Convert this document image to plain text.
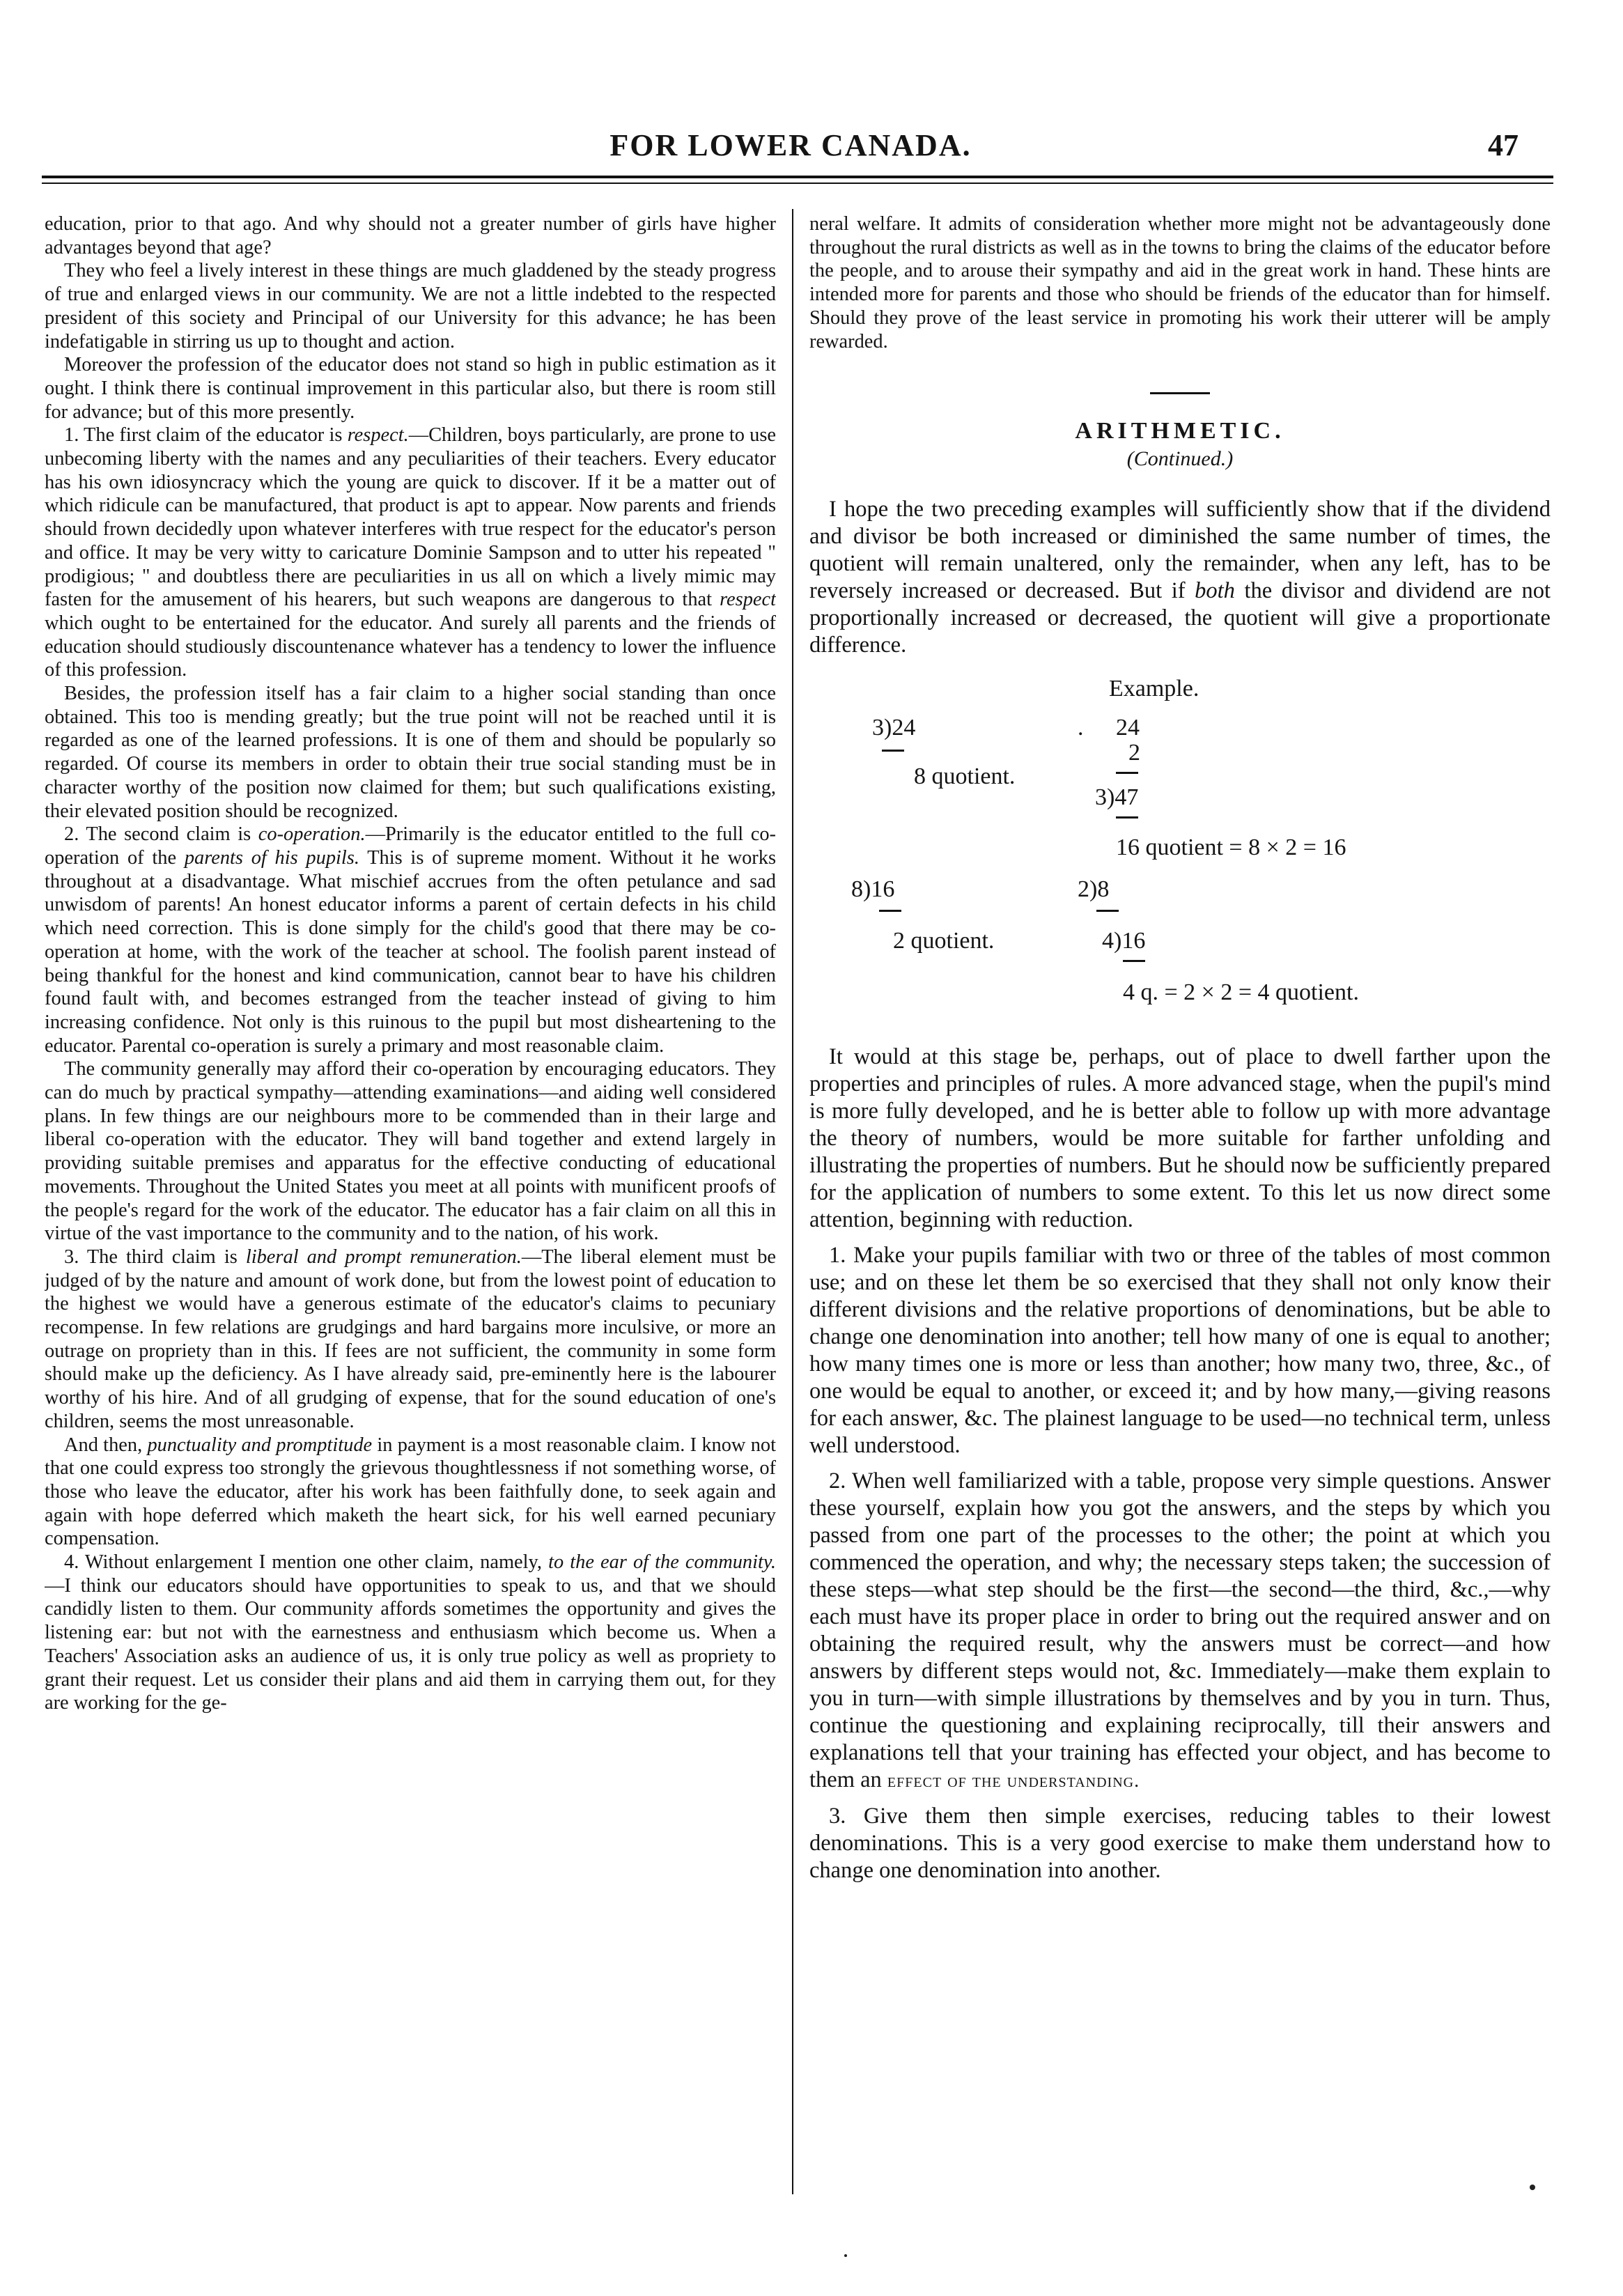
FOR LOWER CANADA.	47

education, prior to that ago. And why should not a greater number of girls have higher advantages beyond that age?

They who feel a lively interest in these things are much gladdened by the steady progress of true and enlarged views in our community. We are not a little indebted to the respected president of this society and Principal of our University for this advance; he has been indefatigable in stirring us up to thought and action.

Moreover the profession of the educator does not stand so high in public estimation as it ought. I think there is continual improvement in this particular also, but there is room still for advance; but of this more presently.

1. The first claim of the educator is respect.—Children, boys particularly, are prone to use unbecoming liberty with the names and any peculiarities of their teachers. Every educator has his own idiosyncracy which the young are quick to discover. If it be a matter out of which ridicule can be manufactured, that product is apt to appear. Now parents and friends should frown decidedly upon whatever interferes with true respect for the educator's person and office. It may be very witty to caricature Dominie Sampson and to utter his repeated " prodigious; " and doubtless there are peculiarities in us all on which a lively mimic may fasten for the amusement of his hearers, but such weapons are dangerous to that respect which ought to be entertained for the educator. And surely all parents and the friends of education should studiously discountenance whatever has a tendency to lower the influence of this profession.

Besides, the profession itself has a fair claim to a higher social standing than once obtained. This too is mending greatly; but the true point will not be reached until it is regarded as one of the learned professions. It is one of them and should be popularly so regarded. Of course its members in order to obtain their true social standing must be in character worthy of the position now claimed for them; but such qualifications existing, their elevated position should be recognized.

2. The second claim is co-operation.—Primarily is the educator entitled to the full co-operation of the parents of his pupils. This is of supreme moment. Without it he works throughout at a disadvantage. What mischief accrues from the often petulance and sad unwisdom of parents! An honest educator informs a parent of certain defects in his child which need correction. This is done simply for the child's good that there may be co-operation at home, with the work of the teacher at school. The foolish parent instead of being thankful for the honest and kind communication, cannot bear to have his children found fault with, and becomes estranged from the teacher instead of giving to him increasing confidence. Not only is this ruinous to the pupil but most disheartening to the educator. Parental co-operation is surely a primary and most reasonable claim.

The community generally may afford their co-operation by encouraging educators. They can do much by practical sympathy—attending examinations—and aiding well considered plans. In few things are our neighbours more to be commended than in their large and liberal co-operation with the educator. They will band together and extend largely in providing suitable premises and apparatus for the effective conducting of educational movements. Throughout the United States you meet at all points with munificent proofs of the people's regard for the work of the educator. The educator has a fair claim on all this in virtue of the vast importance to the community and to the nation, of his work.

3. The third claim is liberal and prompt remuneration.—The liberal element must be judged of by the nature and amount of work done, but from the lowest point of education to the highest we would have a generous estimate of the educator's claims to pecuniary recompense. In few relations are grudgings and hard bargains more inculsive, or more an outrage on propriety than in this. If fees are not sufficient, the community in some form should make up the deficiency. As I have already said, pre-eminently here is the labourer worthy of his hire. And of all grudging of expense, that for the sound education of one's children, seems the most unreasonable.

And then, punctuality and promptitude in payment is a most reasonable claim. I know not that one could express too strongly the grievous thoughtlessness if not something worse, of those who leave the educator, after his work has been faithfully done, to seek again and again with hope deferred which maketh the heart sick, for his well earned pecuniary compensation.

4. Without enlargement I mention one other claim, namely, to the ear of the community.—I think our educators should have opportunities to speak to us, and that we should candidly listen to them. Our community affords sometimes the opportunity and gives the listening ear: but not with the earnestness and enthusiasm which become us. When a Teachers' Association asks an audience of us, it is only true policy as well as propriety to grant their request. Let us consider their plans and aid them in carrying them out, for they are working for the ge-

neral welfare. It admits of consideration whether more might not be advantageously done throughout the rural districts as well as in the towns to bring the claims of the educator before the people, and to arouse their sympathy and aid in the great work in hand. These hints are intended more for parents and those who should be friends of the educator than for himself. Should they prove of the least service in promoting his work their utterer will be amply rewarded.

ARITHMETIC.
(Continued.)

I hope the two preceding examples will sufficiently show that if the dividend and divisor be both increased or diminished the same number of times, the quotient will remain unaltered, only the remainder, when any left, has to be reversely increased or decreased. But if both the divisor and dividend are not proportionally increased or decreased, the quotient will give a proportionate difference.

Example.
3)24
8 quotient.
. 24
2
3)47
16 quotient = 8 × 2 = 16
8)16
2 quotient.
2)8
4)16
4 q. = 2 × 2 = 4 quotient.

It would at this stage be, perhaps, out of place to dwell farther upon the properties and principles of rules. A more advanced stage, when the pupil's mind is more fully developed, and he is better able to follow up with more advantage the theory of numbers, would be more suitable for farther unfolding and illustrating the properties of numbers. But he should now be sufficiently prepared for the application of numbers to some extent. To this let us now direct some attention, beginning with reduction.

1. Make your pupils familiar with two or three of the tables of most common use; and on these let them be so exercised that they shall not only know their different divisions and the relative proportions of denominations, but be able to change one denomination into another; tell how many of one is equal to another; how many times one is more or less than another; how many two, three, &c., of one would be equal to another, or exceed it; and by how many,—giving reasons for each answer, &c. The plainest language to be used—no technical term, unless well understood.

2. When well familiarized with a table, propose very simple questions. Answer these yourself, explain how you got the answers, and the steps by which you passed from one part of the processes to the other; the point at which you commenced the operation, and why; the necessary steps taken; the succession of these steps—what step should be the first—the second—the third, &c.,—why each must have its proper place in order to bring out the required answer and on obtaining the required result, why the answers must be correct—and how answers by different steps would not, &c. Immediately—make them explain to you in turn—with simple illustrations by themselves and by you in turn. Thus, continue the questioning and explaining reciprocally, till their answers and explanations tell that your training has effected your object, and has become to them an effect of the understanding.

3. Give them then simple exercises, reducing tables to their lowest denominations. This is a very good exercise to make them understand how to change one denomination into another.
